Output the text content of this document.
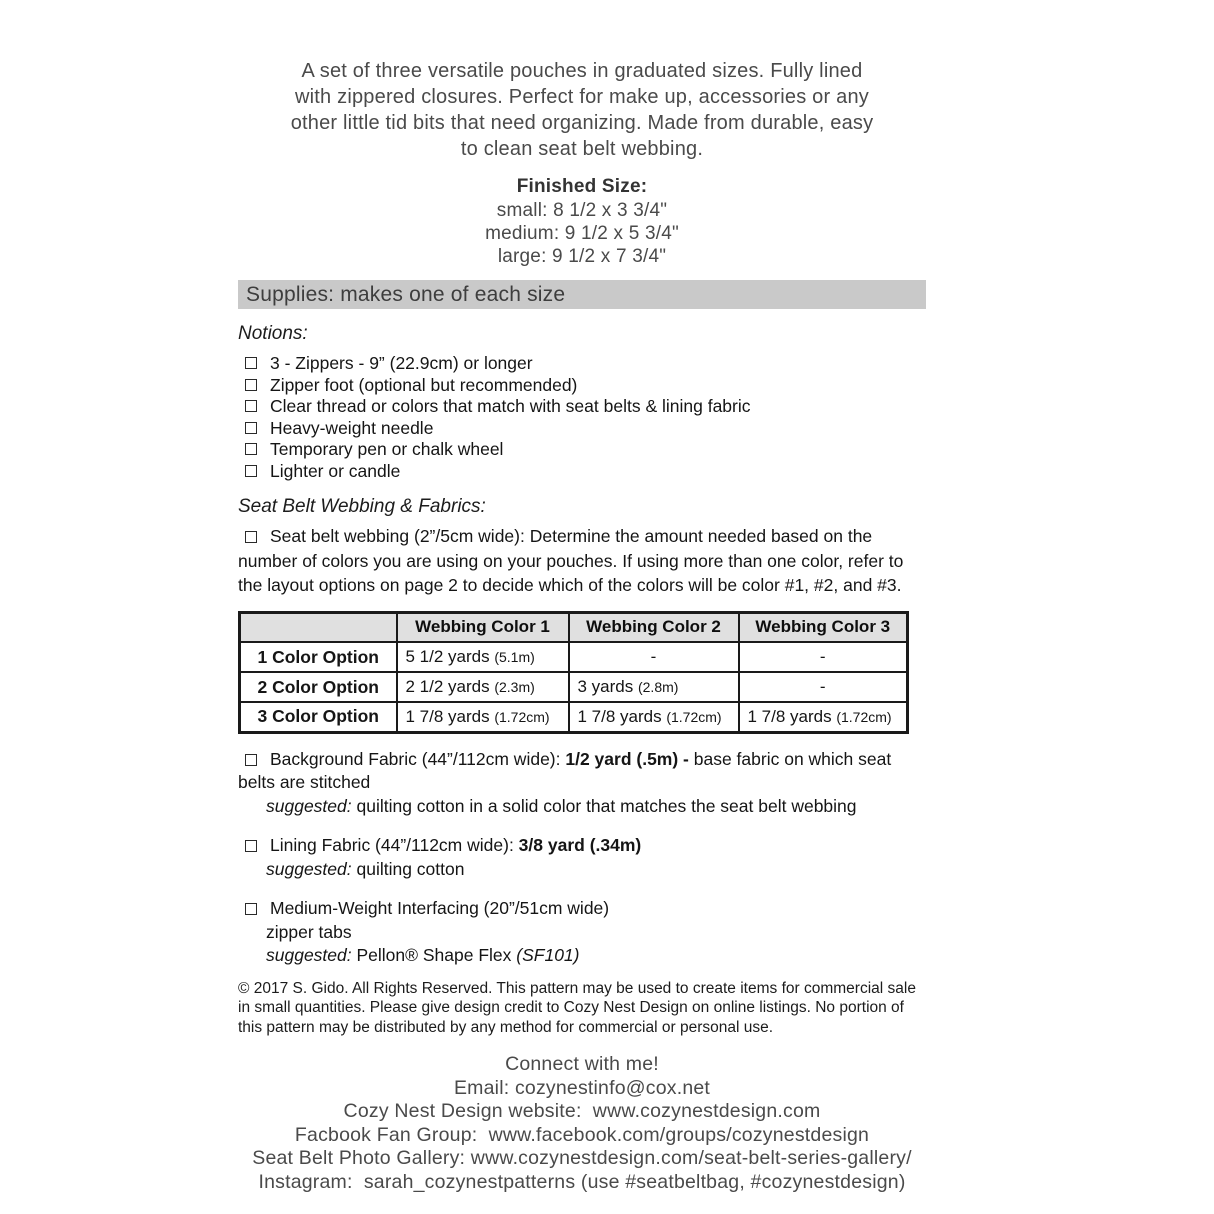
A set of three versatile pouches in graduated sizes. Fully lined
with zippered closures. Perfect for make up, accessories or any
other little tid bits that need organizing. Made from durable, easy
to clean seat belt webbing.
Finished Size:
small: 8 1/2 x 3 3/4"
medium: 9 1/2 x 5 3/4"
large: 9 1/2 x 7 3/4"
Supplies: makes one of each size
Notions:
3 - Zippers - 9” (22.9cm) or longer
Zipper foot (optional but recommended)
Clear thread or colors that match with seat belts & lining fabric
Heavy-weight needle
Temporary pen or chalk wheel
Lighter or candle
Seat Belt Webbing & Fabrics:

Seat belt webbing (2”/5cm wide): Determine the amount needed based on the number of colors you are using on your pouches. If using more than one color, refer to the layout options on page 2 to decide which of the colors will be color #1, #2, and #3.

	Webbing Color 1	Webbing Color 2	Webbing Color 3
1 Color Option	5 1/2 yards (5.1m)	-	-
2 Color Option	2 1/2 yards (2.3m)	3 yards (2.8m)	-
3 Color Option	1 7/8 yards (1.72cm)	1 7/8 yards (1.72cm)	1 7/8 yards (1.72cm)
Background Fabric (44”/112cm wide): 1/2 yard (.5m) - base fabric on which seat belts are stitched
suggested: quilting cotton in a solid color that matches the seat belt webbing
Lining Fabric (44”/112cm wide): 3/8 yard (.34m)
suggested: quilting cotton
Medium-Weight Interfacing (20”/51cm wide)
zipper tabs
suggested: Pellon® Shape Flex (SF101)
© 2017 S. Gido. All Rights Reserved. This pattern may be used to create items for commercial sale in small quantities. Please give design credit to Cozy Nest Design on online listings. No portion of this pattern may be distributed by any method for commercial or personal use.
Connect with me!
Email: cozynestinfo@cox.net
Cozy Nest Design website:  www.cozynestdesign.com
Facbook Fan Group:  www.facebook.com/groups/cozynestdesign
Seat Belt Photo Gallery: www.cozynestdesign.com/seat-belt-series-gallery/
Instagram:  sarah_cozynestpatterns (use #seatbeltbag, #cozynestdesign)
